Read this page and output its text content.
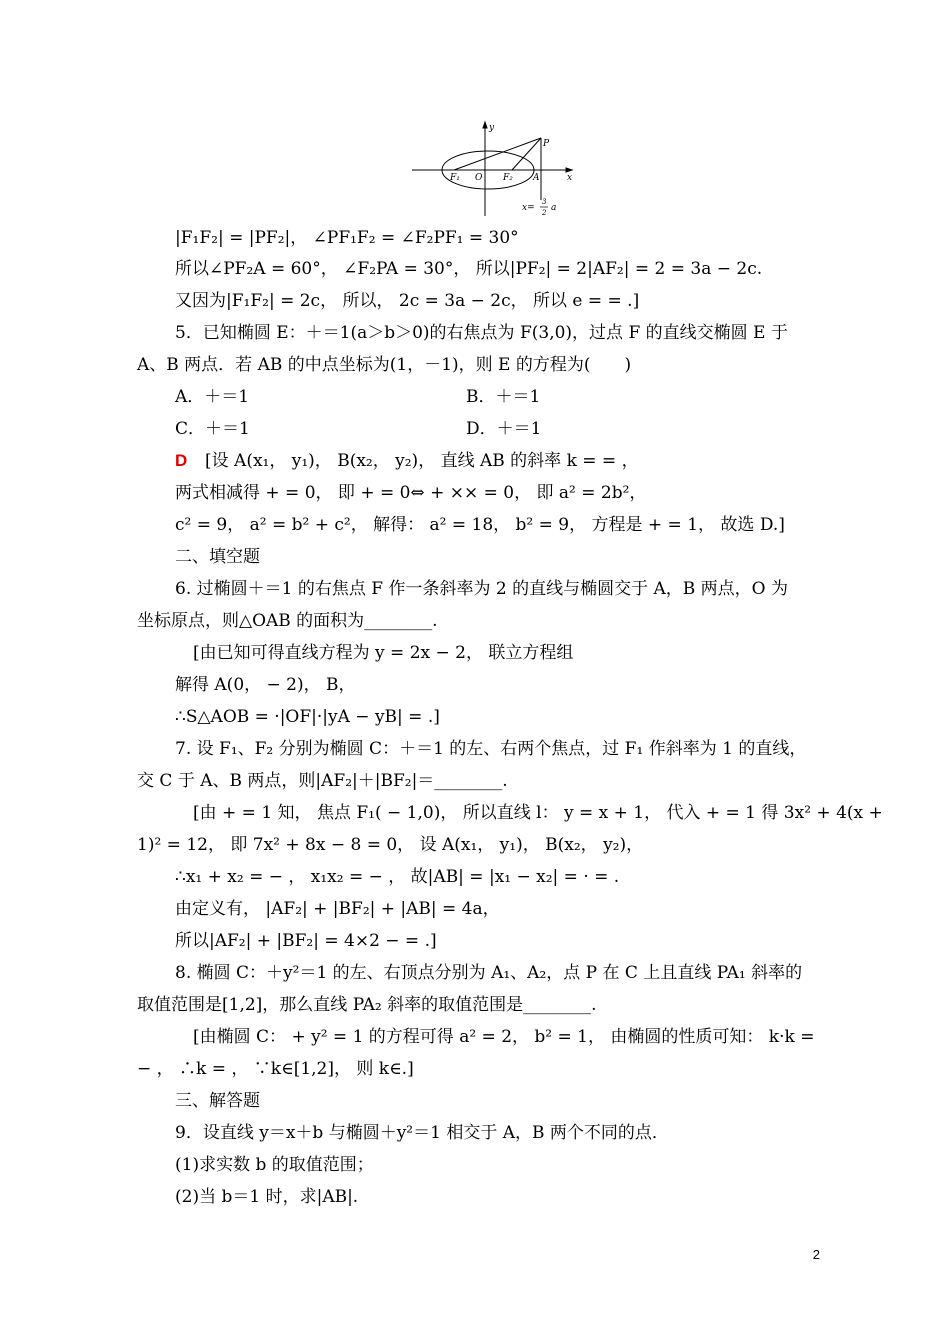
y
x
P
F₁ O F₂ A
x=
3
2 a
|F₁F₂| = |PF₂|， ∠PF₁F₂ = ∠F₂PF₁ = 30°
所以∠PF₂A = 60°， ∠F₂PA = 30°， 所以|PF₂| = 2|AF₂| = 2 = 3a − 2c.
又因为|F₁F₂| = 2c， 所以， 2c = 3a − 2c， 所以 e = = .]
5．已知椭圆 E：＋＝1(a＞b＞0)的右焦点为 F(3,0)，过点 F 的直线交椭圆 E 于
A、B 两点．若 AB 的中点坐标为(1，－1)，则 E 的方程为(　　)
A．＋＝1	B．＋＝1
C．＋＝1	D．＋＝1
D [设 A(x₁， y₁)， B(x₂， y₂)， 直线 AB 的斜率 k = = ，
两式相减得 + = 0， 即 + = 0⇔ + ×× = 0， 即 a² = 2b²，
c² = 9， a² = b² + c²， 解得： a² = 18， b² = 9， 方程是 + = 1， 故选 D.]
二、填空题
6. 过椭圆＋＝1 的右焦点 F 作一条斜率为 2 的直线与椭圆交于 A，B 两点，O 为
坐标原点，则△OAB 的面积为________.
[由已知可得直线方程为 y = 2x − 2， 联立方程组
解得 A(0， − 2)， B，
∴S△AOB = ·|OF|·|yA − yB| = .]
7. 设 F₁、F₂ 分别为椭圆 C：＋＝1 的左、右两个焦点，过 F₁ 作斜率为 1 的直线，
交 C 于 A、B 两点，则|AF₂|＋|BF₂|＝________.
[由 + = 1 知， 焦点 F₁( − 1,0)， 所以直线 l： y = x + 1， 代入 + = 1 得 3x² + 4(x +
1)² = 12， 即 7x² + 8x − 8 = 0， 设 A(x₁， y₁)， B(x₂， y₂)，
∴x₁ + x₂ = − ， x₁x₂ = − ， 故|AB| = |x₁ − x₂| = · = .
由定义有， |AF₂| + |BF₂| + |AB| = 4a，
所以|AF₂| + |BF₂| = 4×2 − = .]
8. 椭圆 C：＋y²＝1 的左、右顶点分别为 A₁、A₂，点 P 在 C 上且直线 PA₁ 斜率的
取值范围是[1,2]，那么直线 PA₂ 斜率的取值范围是________.
[由椭圆 C： + y² = 1 的方程可得 a² = 2， b² = 1， 由椭圆的性质可知： k·k =
− ， ∴k = ， ∵k∈[1,2]， 则 k∈.]
三、解答题
9．设直线 y＝x＋b 与椭圆＋y²＝1 相交于 A，B 两个不同的点．
(1)求实数 b 的取值范围；
(2)当 b＝1 时，求|AB|.
2
